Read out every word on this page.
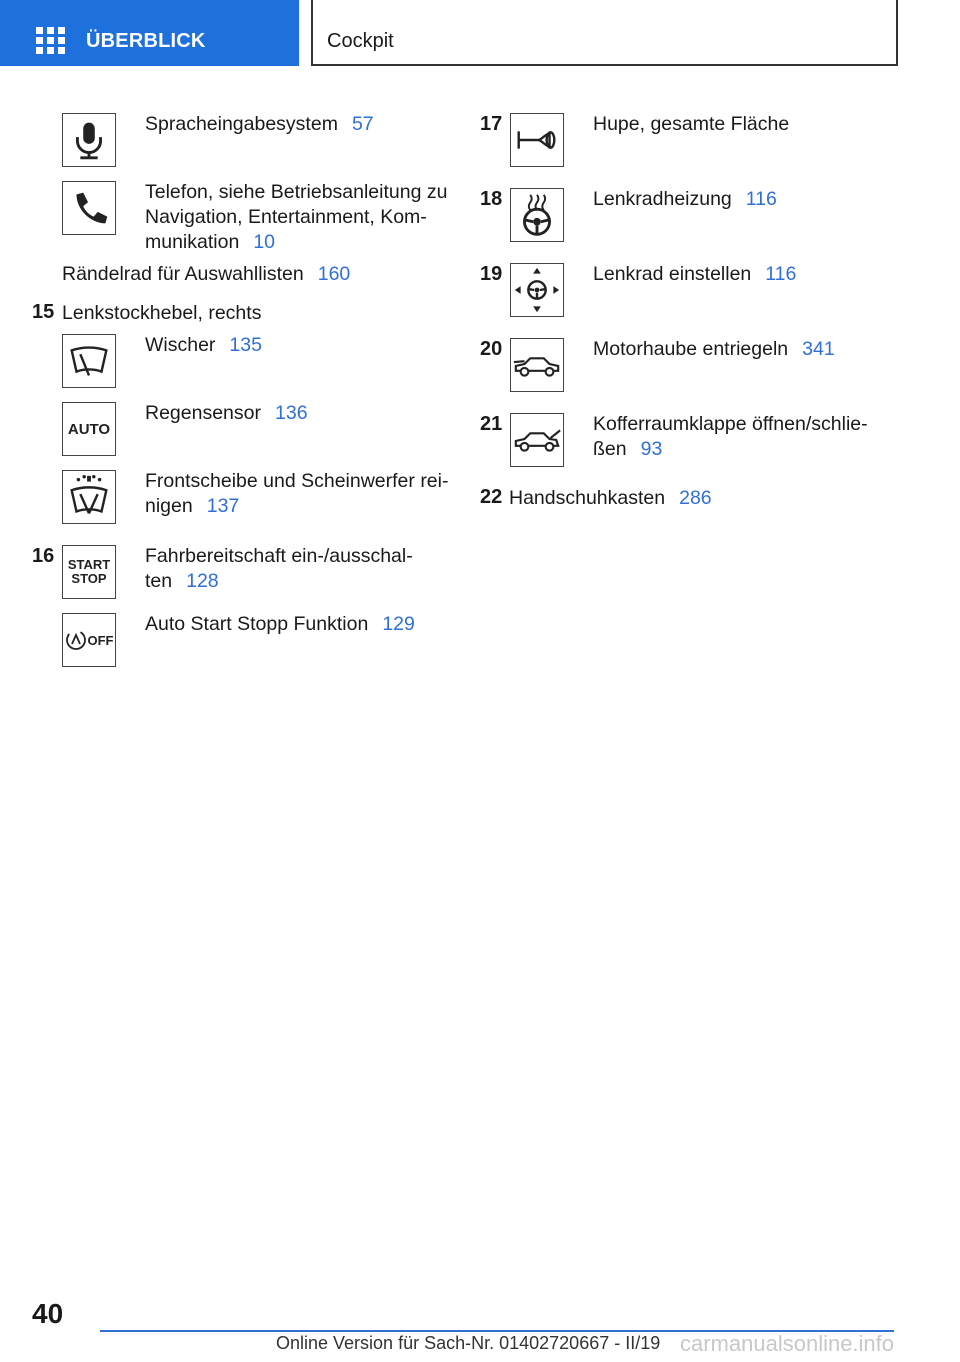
ÜBERBLICK	Cockpit
Spracheingabesystem 57
Telefon, siehe Betriebsanleitung zu
Navigation, Entertainment, Kom-
munikation 10
Rändelrad für Auswahllisten 160
15 Lenkstockhebel, rechts
Wischer 135
AUTO
Regensensor 136
Frontscheibe und Scheinwerfer rei-
nigen 137
16 START
STOP
Fahrbereitschaft ein-/ausschal-
ten 128
OFF
Auto Start Stopp Funktion 129
17	Hupe, gesamte Fläche
18	Lenkradheizung 116
19	Lenkrad einstellen 116
20	Motorhaube entriegeln 341
21	Kofferraumklappe öffnen/schlie-
ßen 93
22 Handschuhkasten 286
40
Online Version für Sach-Nr. 01402720667 - II/19 carmanualsonline.info
